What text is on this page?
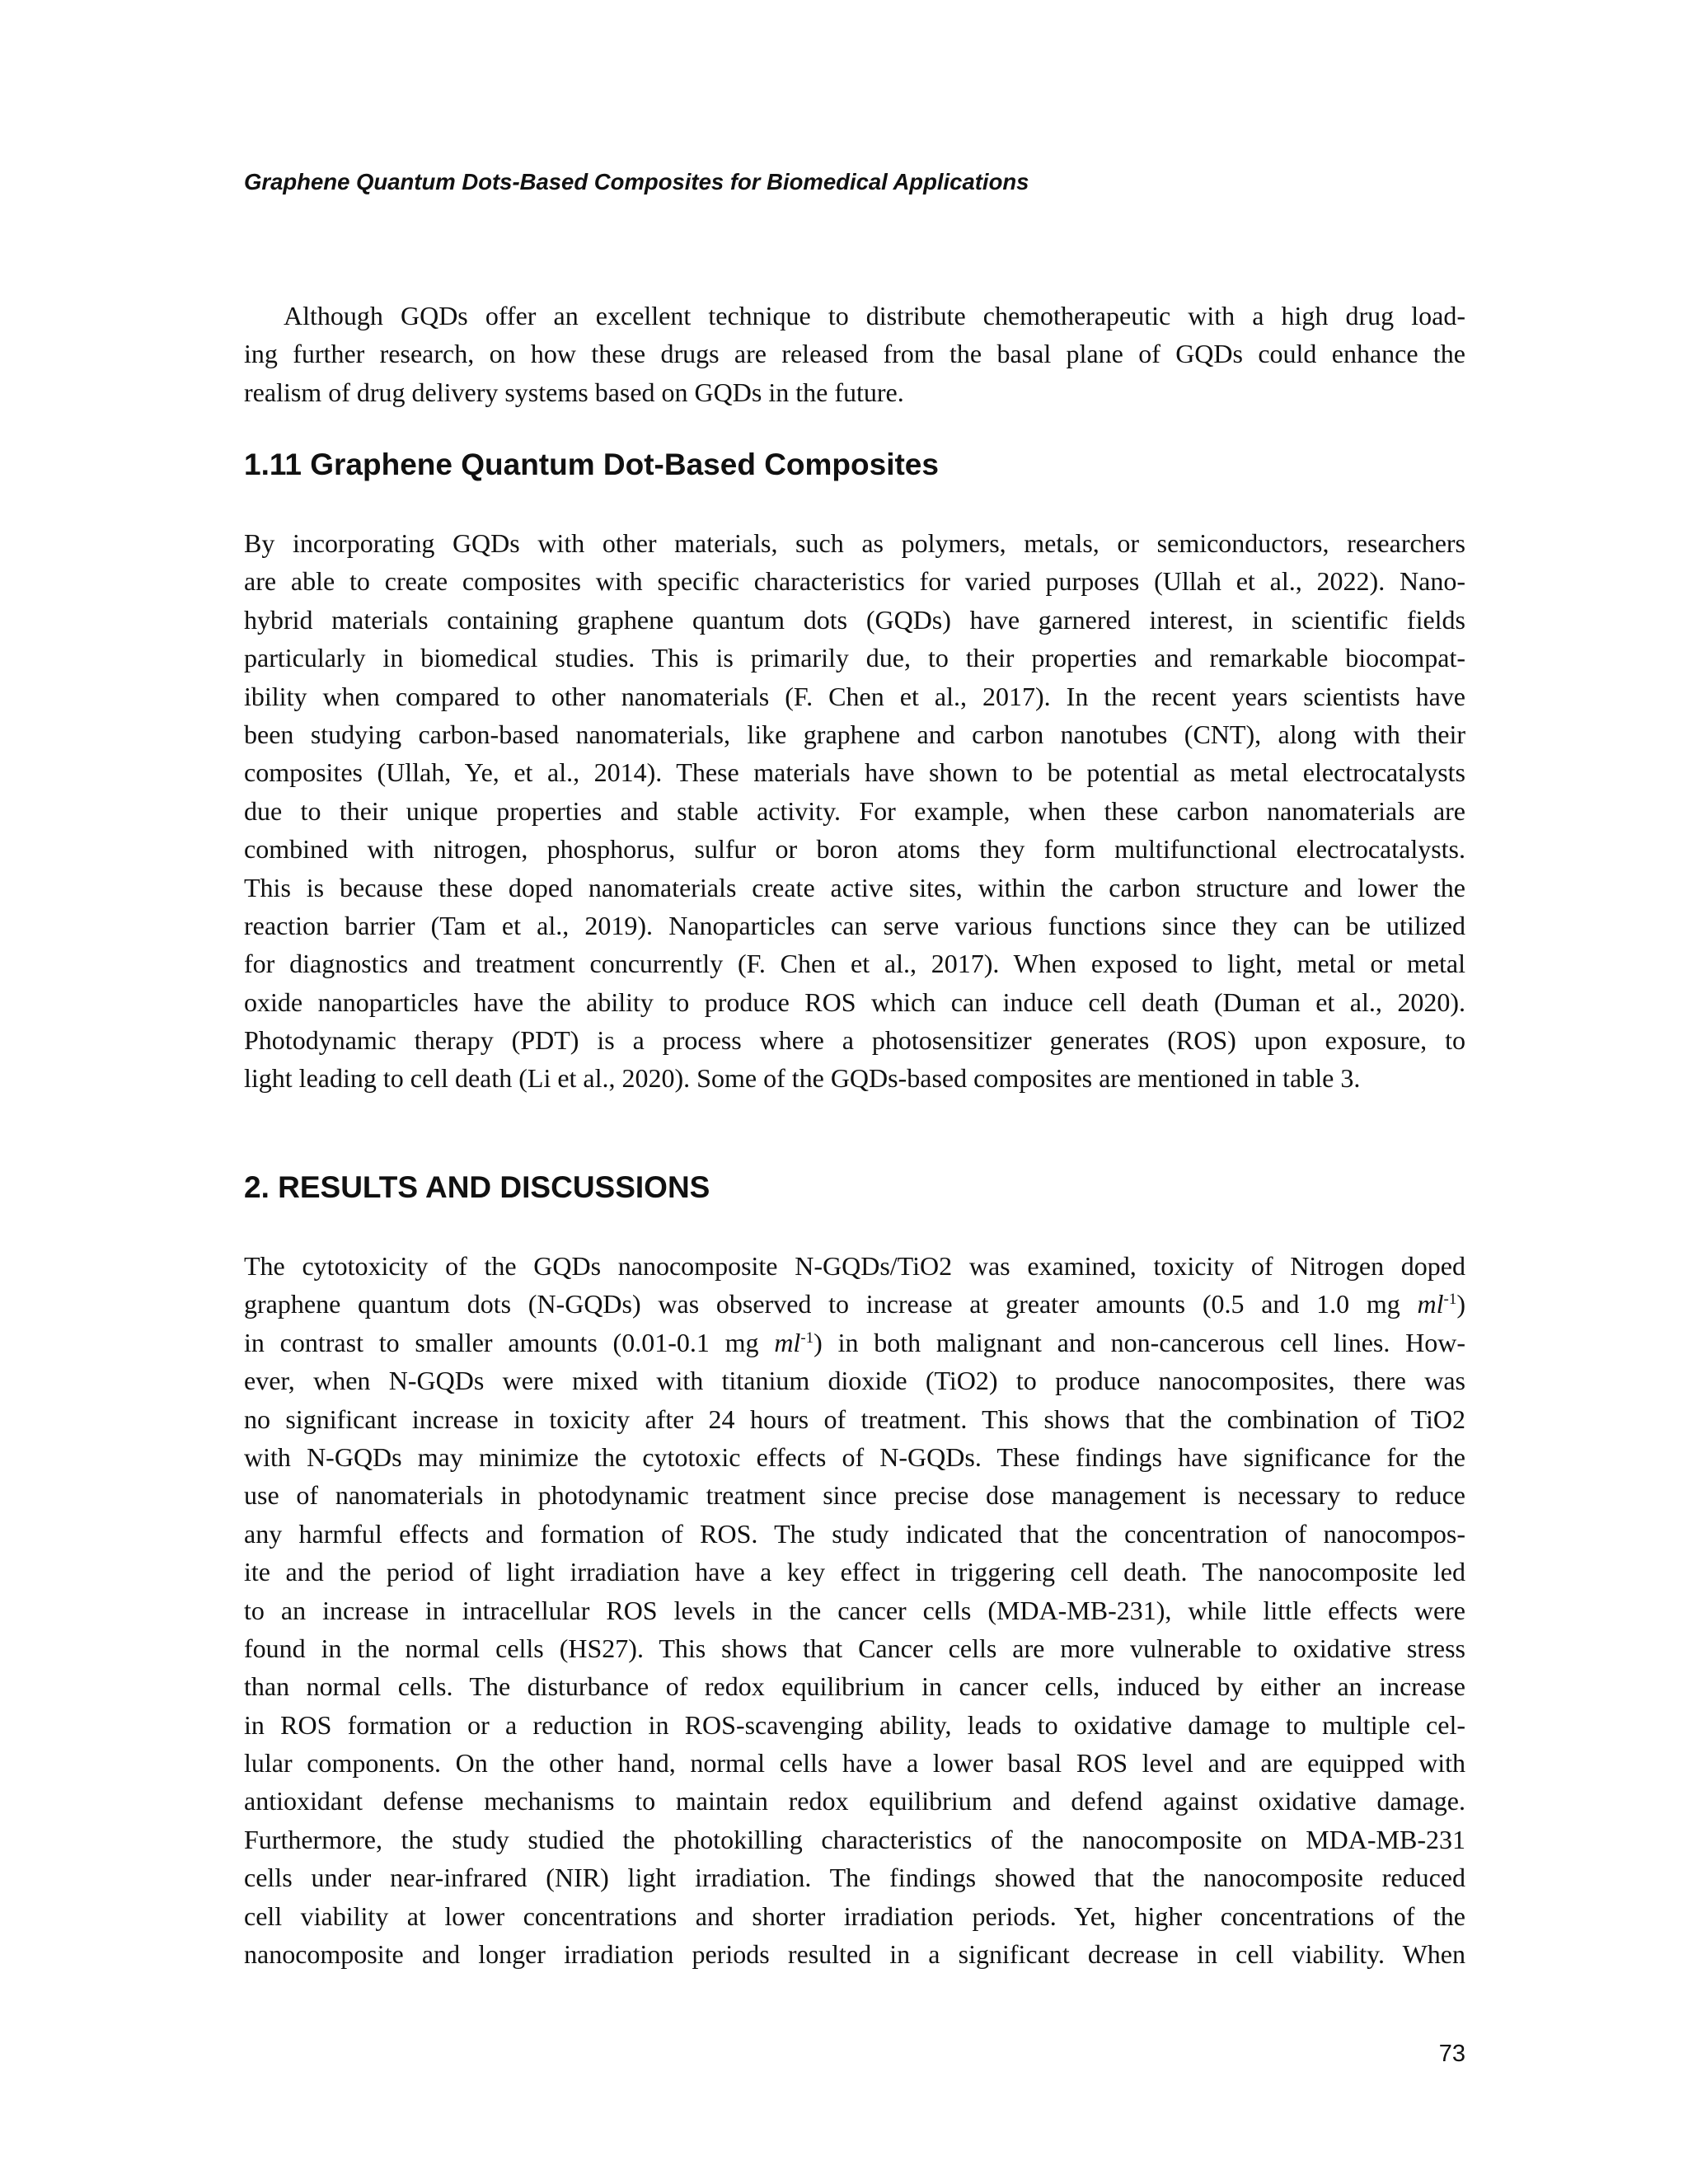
Graphene Quantum Dots-Based Composites for Biomedical Applications
Although GQDs offer an excellent technique to distribute chemotherapeutic with a high drug load-
ing further research, on how these drugs are released from the basal plane of GQDs could enhance the
realism of drug delivery systems based on GQDs in the future.
1.11 Graphene Quantum Dot-Based Composites
By incorporating GQDs with other materials, such as polymers, metals, or semiconductors, researchers
are able to create composites with specific characteristics for varied purposes (Ullah et al., 2022). Nano-
hybrid materials containing graphene quantum dots (GQDs) have garnered interest, in scientific fields
particularly in biomedical studies. This is primarily due, to their properties and remarkable biocompat-
ibility when compared to other nanomaterials (F. Chen et al., 2017). In the recent years scientists have
been studying carbon-based nanomaterials, like graphene and carbon nanotubes (CNT), along with their
composites (Ullah, Ye, et al., 2014). These materials have shown to be potential as metal electrocatalysts
due to their unique properties and stable activity. For example, when these carbon nanomaterials are
combined with nitrogen, phosphorus, sulfur or boron atoms they form multifunctional electrocatalysts.
This is because these doped nanomaterials create active sites, within the carbon structure and lower the
reaction barrier (Tam et al., 2019). Nanoparticles can serve various functions since they can be utilized
for diagnostics and treatment concurrently (F. Chen et al., 2017). When exposed to light, metal or metal
oxide nanoparticles have the ability to produce ROS which can induce cell death (Duman et al., 2020).
Photodynamic therapy (PDT) is a process where a photosensitizer generates (ROS) upon exposure, to
light leading to cell death (Li et al., 2020). Some of the GQDs-based composites are mentioned in table 3.
2. RESULTS AND DISCUSSIONS
The cytotoxicity of the GQDs nanocomposite N-GQDs/TiO2 was examined, toxicity of Nitrogen doped
graphene quantum dots (N-GQDs) was observed to increase at greater amounts (0.5 and 1.0 mg $ml^{-1}$)
in contrast to smaller amounts (0.01-0.1 mg $ml^{-1}$) in both malignant and non-cancerous cell lines. How-
ever, when N-GQDs were mixed with titanium dioxide (TiO2) to produce nanocomposites, there was
no significant increase in toxicity after 24 hours of treatment. This shows that the combination of TiO2
with N-GQDs may minimize the cytotoxic effects of N-GQDs. These findings have significance for the
use of nanomaterials in photodynamic treatment since precise dose management is necessary to reduce
any harmful effects and formation of ROS. The study indicated that the concentration of nanocompos-
ite and the period of light irradiation have a key effect in triggering cell death. The nanocomposite led
to an increase in intracellular ROS levels in the cancer cells (MDA-MB-231), while little effects were
found in the normal cells (HS27). This shows that Cancer cells are more vulnerable to oxidative stress
than normal cells. The disturbance of redox equilibrium in cancer cells, induced by either an increase
in ROS formation or a reduction in ROS-scavenging ability, leads to oxidative damage to multiple cel-
lular components. On the other hand, normal cells have a lower basal ROS level and are equipped with
antioxidant defense mechanisms to maintain redox equilibrium and defend against oxidative damage.
Furthermore, the study studied the photokilling characteristics of the nanocomposite on MDA-MB-231
cells under near-infrared (NIR) light irradiation. The findings showed that the nanocomposite reduced
cell viability at lower concentrations and shorter irradiation periods. Yet, higher concentrations of the
nanocomposite and longer irradiation periods resulted in a significant decrease in cell viability. When
73
